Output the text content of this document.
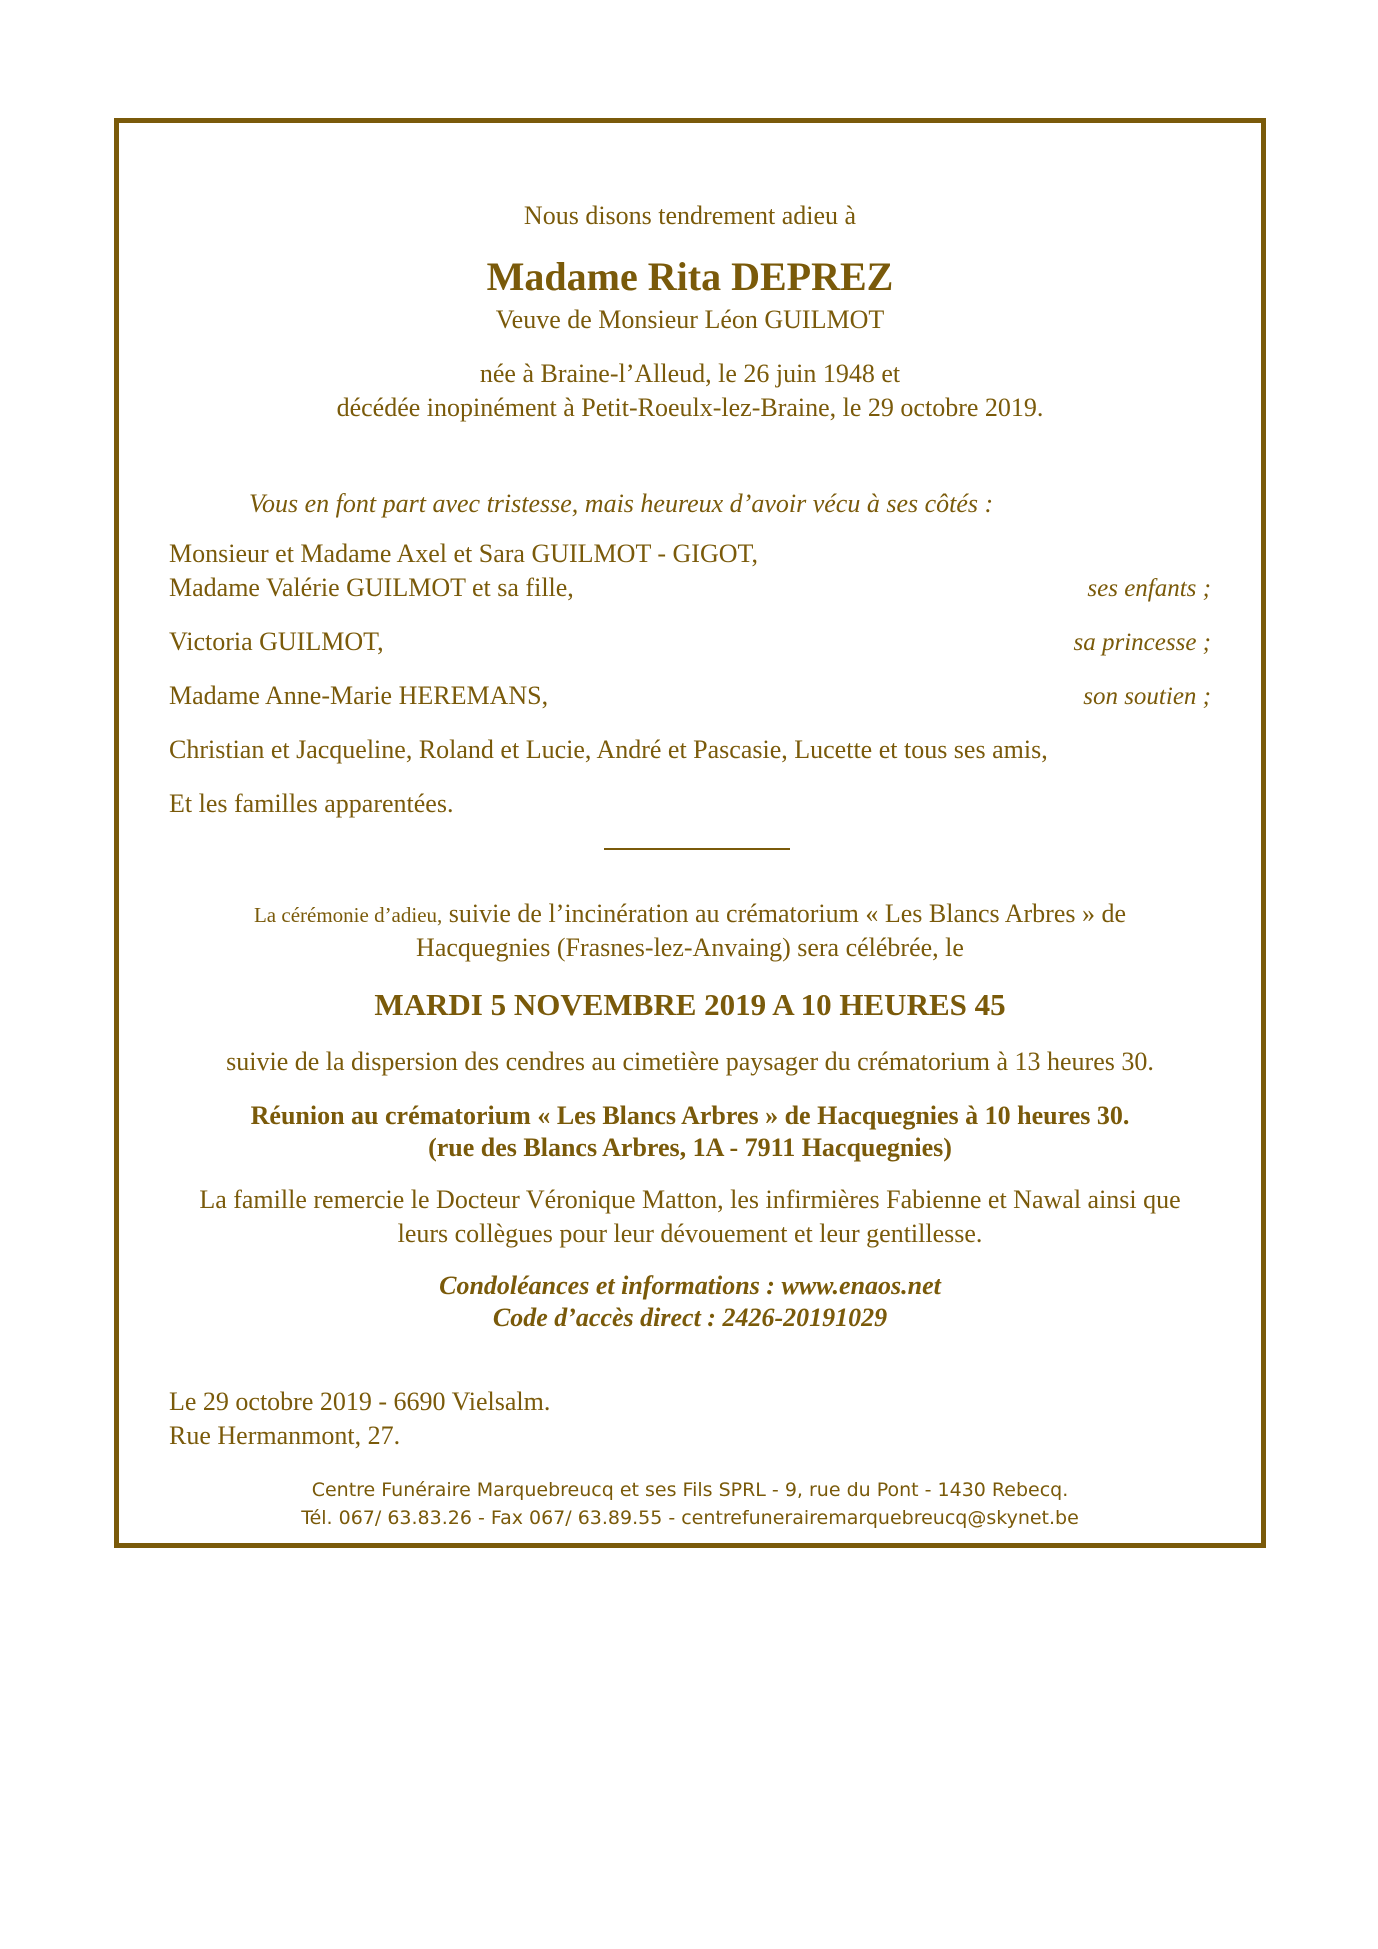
Nous disons tendrement adieu à
Madame Rita DEPREZ
Veuve de Monsieur Léon GUILMOT
née à Braine-l’Alleud, le 26 juin 1948 et
décédée inopinément à Petit-Roeulx-lez-Braine, le 29 octobre 2019.
Vous en font part avec tristesse, mais heureux d’avoir vécu à ses côtés :
Monsieur et Madame Axel et Sara GUILMOT - GIGOT,
Madame Valérie GUILMOT et sa fille,	ses enfants ;
Victoria GUILMOT,	sa princesse ;
Madame Anne-Marie HEREMANS,	son soutien ;
Christian et Jacqueline, Roland et Lucie, André et Pascasie, Lucette et tous ses amis,
Et les familles apparentées.
La cérémonie d’adieu, suivie de l’incinération au crématorium « Les Blancs Arbres » de
Hacquegnies (Frasnes-lez-Anvaing) sera célébrée, le
MARDI 5 NOVEMBRE 2019 A 10 HEURES 45
suivie de la dispersion des cendres au cimetière paysager du crématorium à 13 heures 30.
Réunion au crématorium « Les Blancs Arbres » de Hacquegnies à 10 heures 30.
(rue des Blancs Arbres, 1A - 7911 Hacquegnies)
La famille remercie le Docteur Véronique Matton, les infirmières Fabienne et Nawal ainsi que
leurs collègues pour leur dévouement et leur gentillesse.
Condoléances et informations : www.enaos.net
Code d’accès direct : 2426-20191029
Le 29 octobre 2019 - 6690 Vielsalm.
Rue Hermanmont, 27.
Centre Funéraire Marquebreucq et ses Fils SPRL - 9, rue du Pont - 1430 Rebecq.
Tél. 067/ 63.83.26 - Fax 067/ 63.89.55 - centrefunerairemarquebreucq@skynet.be
